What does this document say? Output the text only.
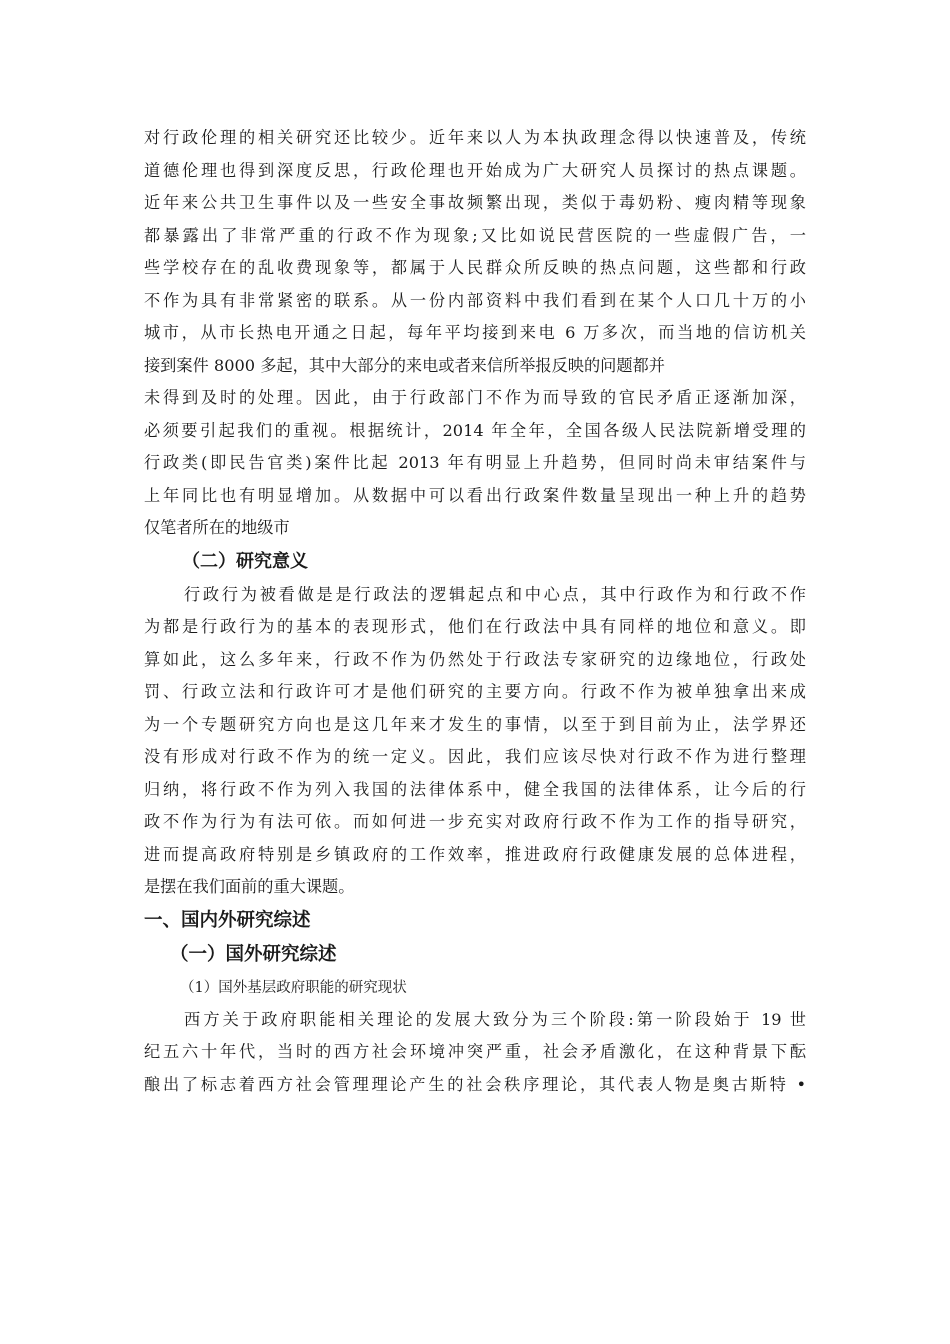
对行政伦理的相关研究还比较少。近年来以人为本执政理念得以快速普及，传统
道德伦理也得到深度反思，行政伦理也开始成为广大研究人员探讨的热点课题。
近年来公共卫生事件以及一些安全事故频繁出现，类似于毒奶粉、瘦肉精等现象
都暴露出了非常严重的行政不作为现象;又比如说民营医院的一些虚假广告，一
些学校存在的乱收费现象等，都属于人民群众所反映的热点问题，这些都和行政
不作为具有非常紧密的联系。从一份内部资料中我们看到在某个人口几十万的小
城市，从市长热电开通之日起，每年平均接到来电 6 万多次，而当地的信访机关
接到案件 8000 多起，其中大部分的来电或者来信所举报反映的问题都并
未得到及时的处理。因此，由于行政部门不作为而导致的官民矛盾正逐渐加深，
必须要引起我们的重视。根据统计，2014 年全年，全国各级人民法院新增受理的
行政类(即民告官类)案件比起 2013 年有明显上升趋势，但同时尚未审结案件与
上年同比也有明显增加。从数据中可以看出行政案件数量呈现出一种上升的趋势
仅笔者所在的地级市
（二）研究意义
行政行为被看做是是行政法的逻辑起点和中心点，其中行政作为和行政不作
为都是行政行为的基本的表现形式，他们在行政法中具有同样的地位和意义。即
算如此，这么多年来，行政不作为仍然处于行政法专家研究的边缘地位，行政处
罚、行政立法和行政许可才是他们研究的主要方向。行政不作为被单独拿出来成
为一个专题研究方向也是这几年来才发生的事情，以至于到目前为止，法学界还
没有形成对行政不作为的统一定义。因此，我们应该尽快对行政不作为进行整理
归纳，将行政不作为列入我国的法律体系中，健全我国的法律体系，让今后的行
政不作为行为有法可依。而如何进一步充实对政府行政不作为工作的指导研究，
进而提高政府特别是乡镇政府的工作效率，推进政府行政健康发展的总体进程，
是摆在我们面前的重大课题。
一、国内外研究综述
（一）国外研究综述
（1）国外基层政府职能的研究现状
西方关于政府职能相关理论的发展大致分为三个阶段:第一阶段始于 19 世
纪五六十年代，当时的西方社会环境冲突严重，社会矛盾激化，在这种背景下酝
酿出了标志着西方社会管理理论产生的社会秩序理论，其代表人物是奥古斯特 •
